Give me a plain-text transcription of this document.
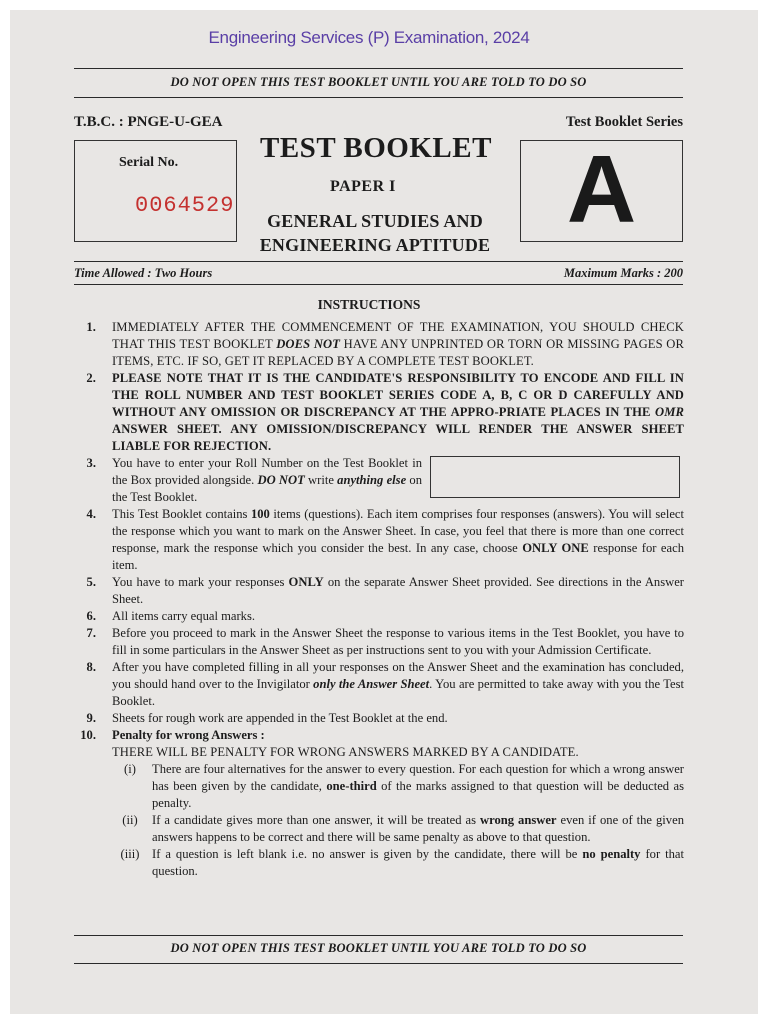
Engineering Services (P) Examination, 2024
DO NOT OPEN THIS TEST BOOKLET UNTIL YOU ARE TOLD TO DO SO
T.B.C. : PNGE-U-GEA	Test Booklet Series
Serial No.
0064529
TEST BOOKLET
PAPER I
GENERAL STUDIES AND
ENGINEERING APTITUDE
A
Time Allowed : Two Hours	Maximum Marks : 200
INSTRUCTIONS
1. IMMEDIATELY AFTER THE COMMENCEMENT OF THE EXAMINATION, YOU SHOULD CHECK THAT THIS TEST BOOKLET DOES NOT HAVE ANY UNPRINTED OR TORN OR MISSING PAGES OR ITEMS, ETC. IF SO, GET IT REPLACED BY A COMPLETE TEST BOOKLET.
2. PLEASE NOTE THAT IT IS THE CANDIDATE'S RESPONSIBILITY TO ENCODE AND FILL IN THE ROLL NUMBER AND TEST BOOKLET SERIES CODE A, B, C OR D CAREFULLY AND WITHOUT ANY OMISSION OR DISCREPANCY AT THE APPRO-PRIATE PLACES IN THE OMR ANSWER SHEET. ANY OMISSION/DISCREPANCY WILL RENDER THE ANSWER SHEET LIABLE FOR REJECTION.
3. You have to enter your Roll Number on the Test Booklet in the Box provided alongside. DO NOT write anything else on the Test Booklet.
4. This Test Booklet contains 100 items (questions). Each item comprises four responses (answers). You will select the response which you want to mark on the Answer Sheet. In case, you feel that there is more than one correct response, mark the response which you consider the best. In any case, choose ONLY ONE response for each item.
5. You have to mark your responses ONLY on the separate Answer Sheet provided. See directions in the Answer Sheet.
6. All items carry equal marks.
7. Before you proceed to mark in the Answer Sheet the response to various items in the Test Booklet, you have to fill in some particulars in the Answer Sheet as per instructions sent to you with your Admission Certificate.
8. After you have completed filling in all your responses on the Answer Sheet and the examination has concluded, you should hand over to the Invigilator only the Answer Sheet. You are permitted to take away with you the Test Booklet.
9. Sheets for rough work are appended in the Test Booklet at the end.
10. Penalty for wrong Answers :
THERE WILL BE PENALTY FOR WRONG ANSWERS MARKED BY A CANDIDATE.
(i)	There are four alternatives for the answer to every question. For each question for which a wrong answer has been given by the candidate, one-third of the marks assigned to that question will be deducted as penalty.
(ii)	If a candidate gives more than one answer, it will be treated as wrong answer even if one of the given answers happens to be correct and there will be same penalty as above to that question.
(iii) If a question is left blank i.e. no answer is given by the candidate, there will be no penalty for that question.
DO NOT OPEN THIS TEST BOOKLET UNTIL YOU ARE TOLD TO DO SO
